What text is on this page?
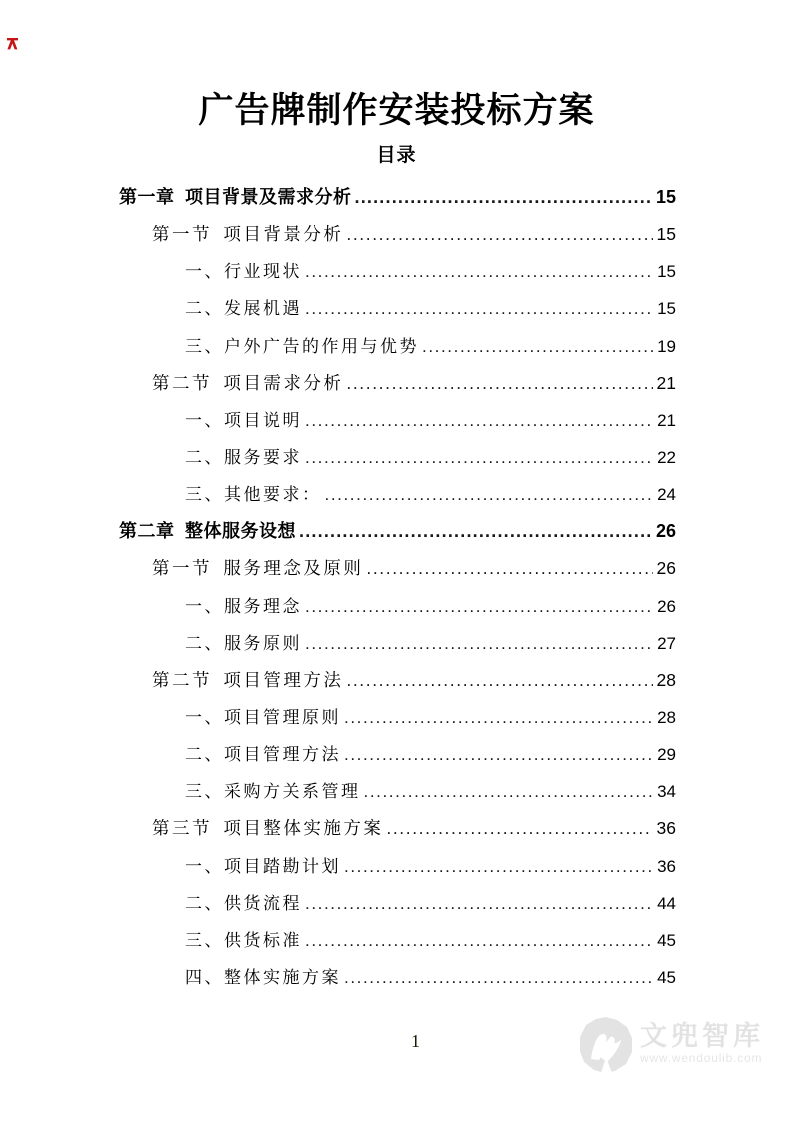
广告牌制作安装投标方案
目录
第一章 项目背景及需求分析 .....	15
第一节 项目背景分析 .....	15
一、行业现状 .....	15
二、发展机遇 .....	15
三、户外广告的作用与优势 .....	19
第二节 项目需求分析 .....	21
一、项目说明 .....	21
二、服务要求 .....	22
三、其他要求： .....	24
第二章 整体服务设想 .....	26
第一节 服务理念及原则 .....	26
一、服务理念 .....	26
二、服务原则 .....	27
第二节 项目管理方法 .....	28
一、项目管理原则 .....	28
二、项目管理方法 .....	29
三、采购方关系管理 .....	34
第三节 项目整体实施方案 .....	36
一、项目踏勘计划 .....	36
二、供货流程 .....	44
三、供货标准 .....	45
四、整体实施方案 .....	45
1	文兜智库
www.wendoulib.com
